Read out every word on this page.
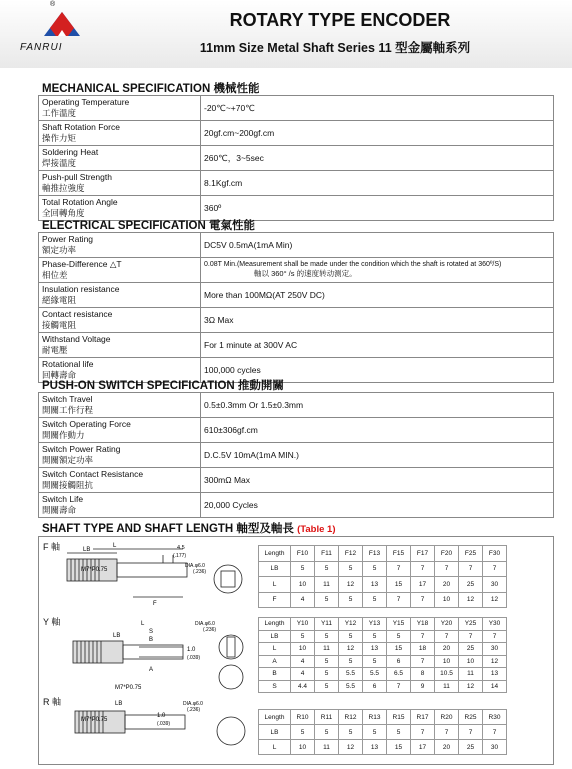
®
FANRUI
ROTARY TYPE ENCODER
11mm Size Metal Shaft Series 11 型金屬軸系列
MECHANICAL SPECIFICATION 機械性能
Operating Temperature
工作溫度	-20℃~+70℃

Shaft Rotation Force
操作力矩	20gf.cm~200gf.cm

Soldering Heat
焊接溫度	260℃，3~5sec

Push-pull Strength
軸推拉強度	8.1Kgf.cm

Total Rotation Angle
全回轉角度	360º
ELECTRICAL SPECIFICATION 電氣性能
Power Rating
額定功率	DC5V 0.5mA(1mA Min)

Phase-Difference △T
相位差	0.08T Min.(Measurement shall be made under the condition which the shaft is rotated at 360º/S)
軸以 360° /s 的速度转动测定。

Insulation resistance
絕緣電阻	More than 100MΩ(AT 250V DC)

Contact resistance
接觸電阻	3Ω Max

Withstand Voltage
耐電壓	For 1 minute at 300V AC

Rotational life
回轉壽命	100,000 cycles
PUSH-ON SWITCH SPECIFICATION 推動開關
Switch Travel
開關工作行程	0.5±0.3mm Or 1.5±0.3mm

Switch Operating Force
開關作動力	610±306gf.cm

Switch Power Rating
開關額定功率	D.C.5V 10mA(1mA MIN.)

Switch Contact Resistance
開關接觸阻抗	300mΩ Max

Switch Life
開關壽命	20,000 Cycles
SHAFT TYPE AND SHAFT LENGTH 軸型及軸長 (Table 1)
F 軸
Y 軸
R 軸
L
LB
F
M7*P0.75
4.5
(.177)
DIA.φ6.0
(.236)
L
LB
S
B
A
M7*P0.75
1.0
(.039)
DIA.φ6.0
(.236)
LB
M7*P0.75
1.0
(.039)
DIA.φ6.0
(.236)
Length	F10	F11	F12	F13	F15	F17	F20	F25	F30
LB	5	5	5	5	7	7	7	7	7
L	10	11	12	13	15	17	20	25	30
F	4	5	5	5	7	7	10	12	12
Length	Y10	Y11	Y12	Y13	Y15	Y18	Y20	Y25	Y30
LB	5	5	5	5	5	7	7	7	7
L	10	11	12	13	15	18	20	25	30
A	4	5	5	5	6	7	10	10	12
B	4	5	5.5	5.5	6.5	8	10.5	11	13
S	4.4	5	5.5	6	7	9	11	12	14
Length	R10	R11	R12	R13	R15	R17	R20	R25	R30
LB	5	5	5	5	5	7	7	7	7
L	10	11	12	13	15	17	20	25	30
